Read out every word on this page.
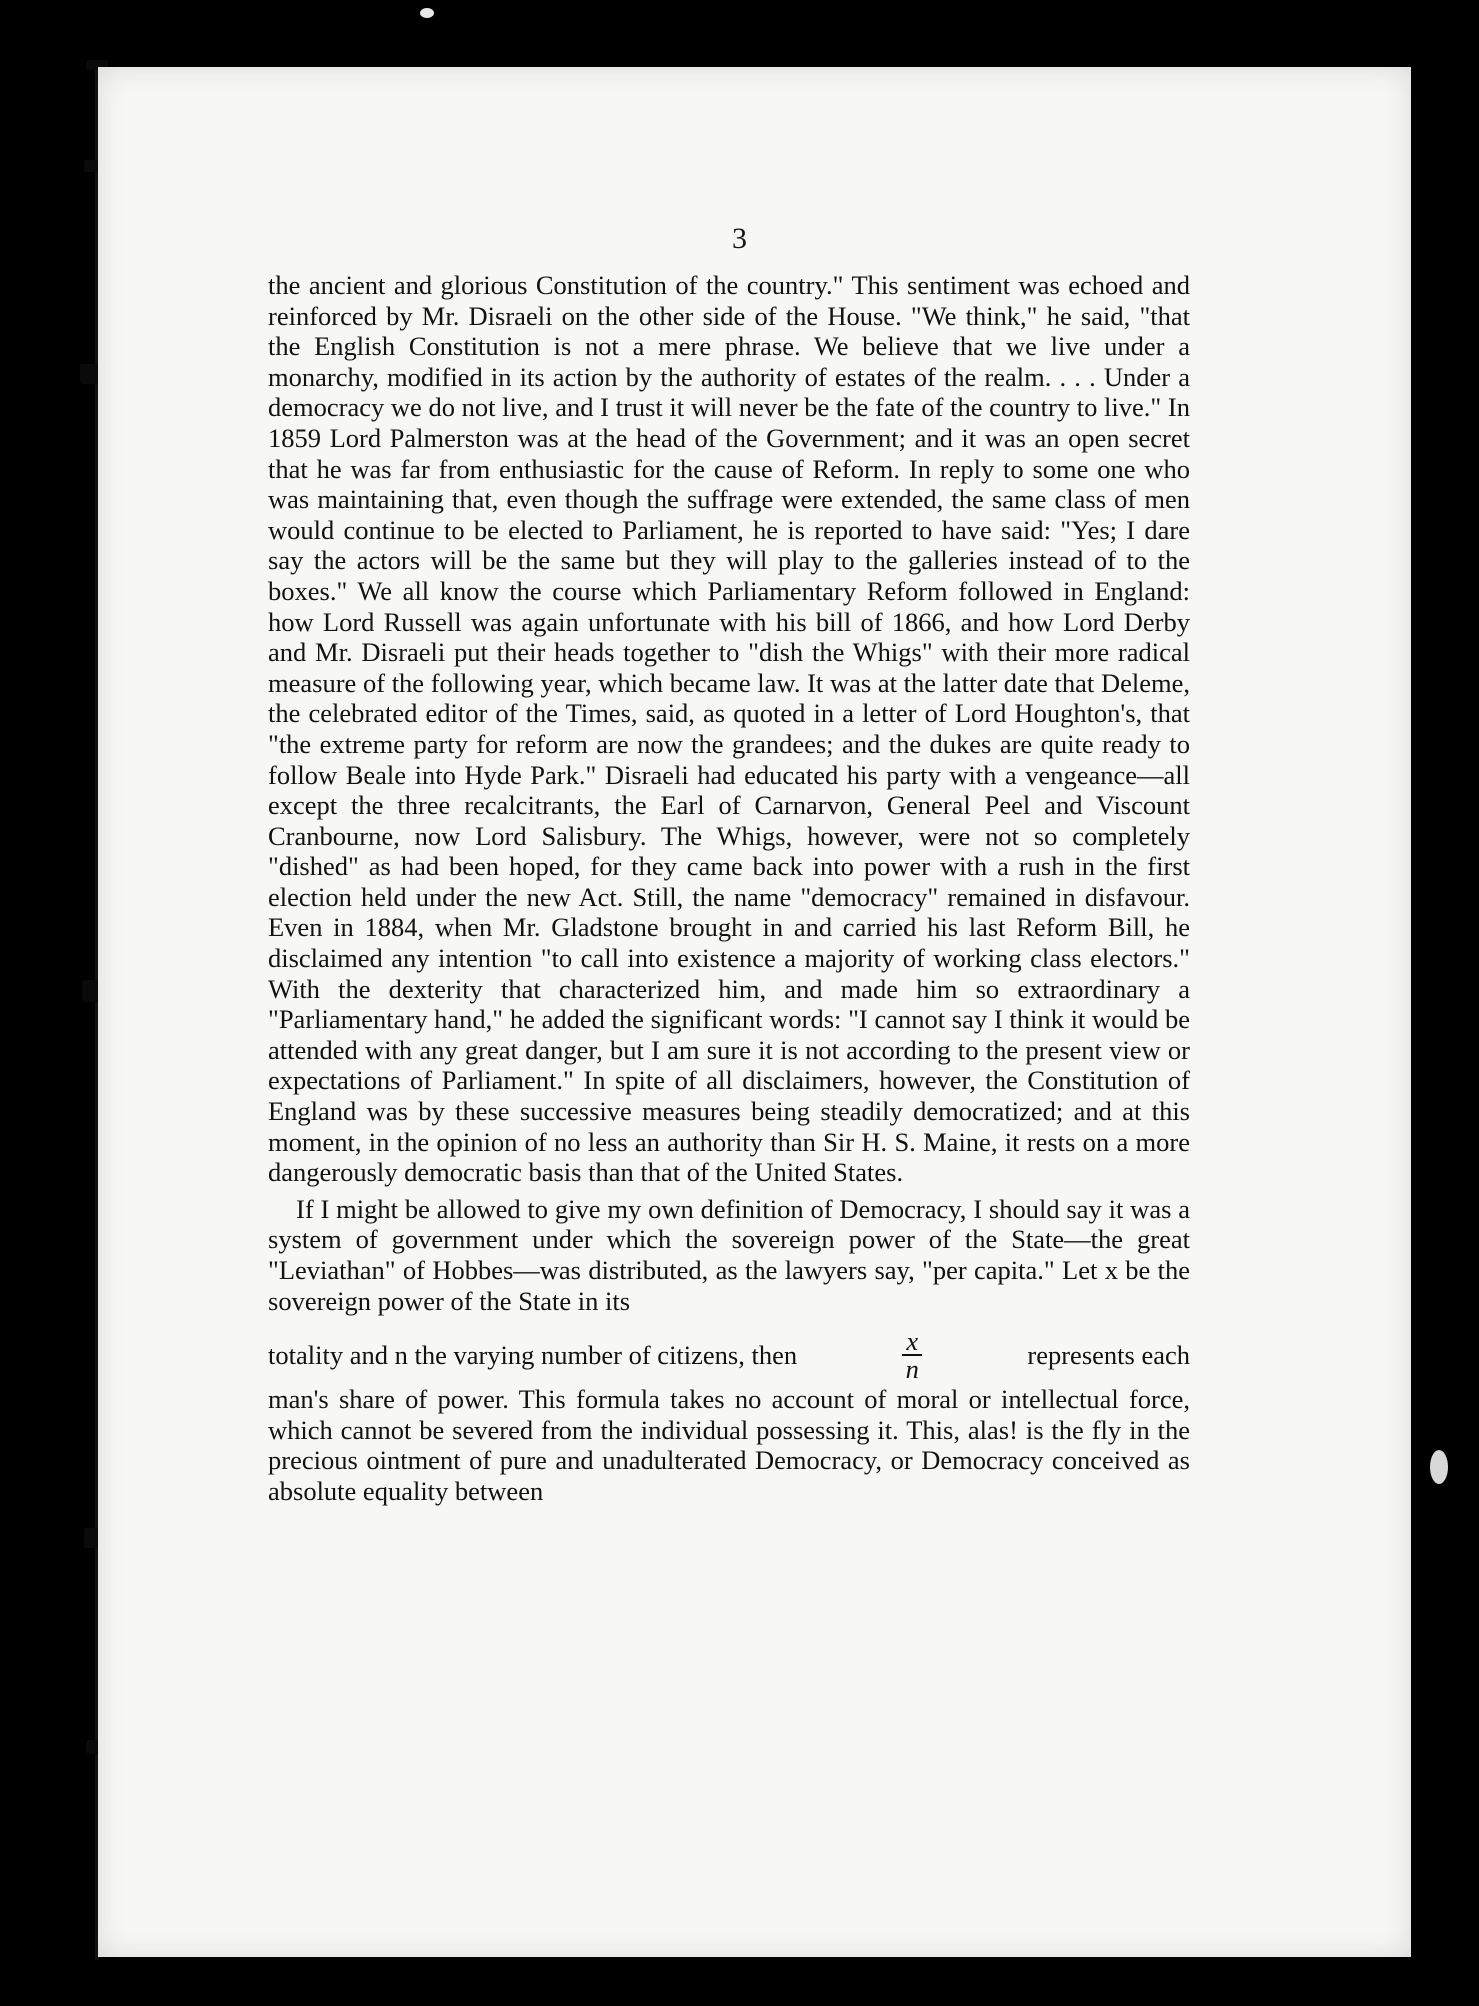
3

the ancient and glorious Constitution of the country." This sentiment was echoed and reinforced by Mr. Disraeli on the other side of the House. "We think," he said, "that the English Constitution is not a mere phrase. We believe that we live under a monarchy, modified in its action by the authority of estates of the realm. . . . Under a democracy we do not live, and I trust it will never be the fate of the country to live." In 1859 Lord Palmerston was at the head of the Government; and it was an open secret that he was far from enthusiastic for the cause of Reform. In reply to some one who was maintaining that, even though the suffrage were extended, the same class of men would continue to be elected to Parliament, he is reported to have said: "Yes; I dare say the actors will be the same but they will play to the galleries instead of to the boxes." We all know the course which Parliamentary Reform followed in England: how Lord Russell was again unfortunate with his bill of 1866, and how Lord Derby and Mr. Disraeli put their heads together to "dish the Whigs" with their more radical measure of the following year, which became law. It was at the latter date that Deleme, the celebrated editor of the Times, said, as quoted in a letter of Lord Houghton's, that "the extreme party for reform are now the grandees; and the dukes are quite ready to follow Beale into Hyde Park." Disraeli had educated his party with a vengeance—all except the three recalcitrants, the Earl of Carnarvon, General Peel and Viscount Cranbourne, now Lord Salisbury. The Whigs, however, were not so completely "dished" as had been hoped, for they came back into power with a rush in the first election held under the new Act. Still, the name "democracy" remained in disfavour. Even in 1884, when Mr. Gladstone brought in and carried his last Reform Bill, he disclaimed any intention "to call into existence a majority of working class electors." With the dexterity that characterized him, and made him so extraordinary a "Parliamentary hand," he added the significant words: "I cannot say I think it would be attended with any great danger, but I am sure it is not according to the present view or expectations of Parliament." In spite of all disclaimers, however, the Constitution of England was by these successive measures being steadily democratized; and at this moment, in the opinion of no less an authority than Sir H. S. Maine, it rests on a more dangerously democratic basis than that of the United States.

If I might be allowed to give my own definition of Democracy, I should say it was a system of government under which the sovereign power of the State—the great "Leviathan" of Hobbes—was distributed, as the lawyers say, "per capita." Let x be the sovereign power of the State in its

totality and n the varying number of citizens, then	$\frac{x}{n}$	represents each

man's share of power. This formula takes no account of moral or intellectual force, which cannot be severed from the individual possessing it. This, alas! is the fly in the precious ointment of pure and unadulterated Democracy, or Democracy conceived as absolute equality between
